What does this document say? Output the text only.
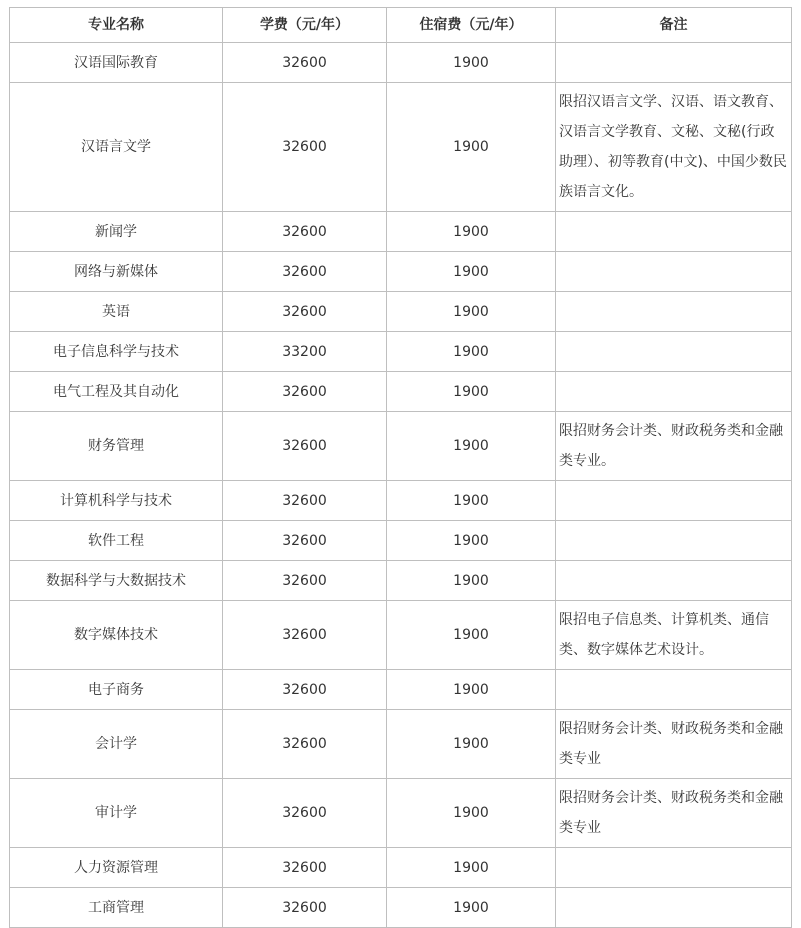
专业名称	学费（元/年）	住宿费（元/年）	备注
汉语国际教育	32600	1900	
汉语言文学	32600	1900	限招汉语言文学、汉语、语文教育、汉语言文学教育、文秘、文秘(行政助理）、初等教育(中文)、中国少数民族语言文化。
新闻学	32600	1900	
网络与新媒体	32600	1900	
英语	32600	1900	
电子信息科学与技术	33200	1900	
电气工程及其自动化	32600	1900	
财务管理	32600	1900	限招财务会计类、财政税务类和金融类专业。
计算机科学与技术	32600	1900	
软件工程	32600	1900	
数据科学与大数据技术	32600	1900	
数字媒体技术	32600	1900	限招电子信息类、计算机类、通信类、数字媒体艺术设计。
电子商务	32600	1900	
会计学	32600	1900	限招财务会计类、财政税务类和金融类专业
审计学	32600	1900	限招财务会计类、财政税务类和金融类专业
人力资源管理	32600	1900	
工商管理	32600	1900	
